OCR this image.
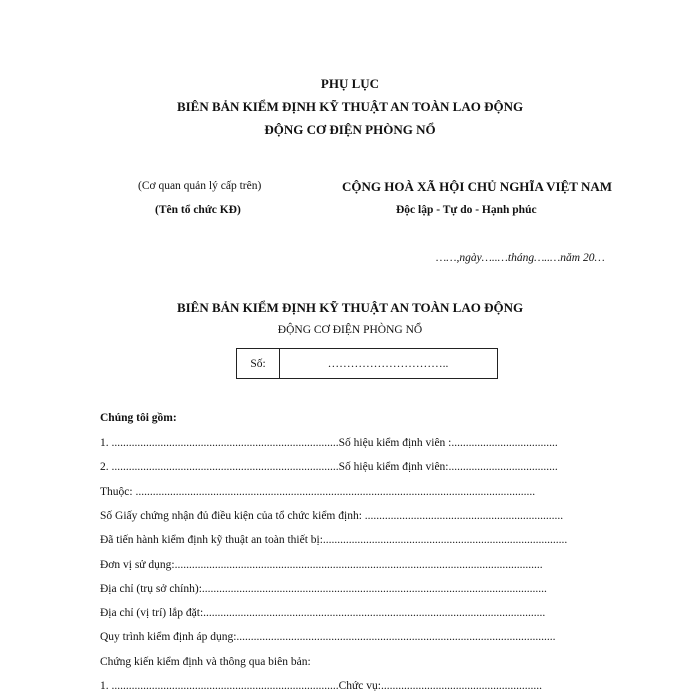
PHỤ LỤC
BIÊN BẢN KIỂM ĐỊNH KỸ THUẬT AN TOÀN LAO ĐỘNG
ĐỘNG CƠ ĐIỆN PHÒNG NỔ
(Cơ quan quản lý cấp trên)
(Tên tổ chức KĐ)
CỘNG HOÀ XÃ HỘI CHỦ NGHĨA VIỆT NAM
Độc lập - Tự do - Hạnh phúc
……,ngày…..…tháng…..…năm 20…
BIÊN BẢN KIỂM ĐỊNH KỸ THUẬT AN TOÀN LAO ĐỘNG
ĐỘNG CƠ ĐIỆN PHÒNG NỔ
Số:	…………………………..
Chúng tôi gồm:
1. ...............................................................................Số hiệu kiểm định viên :.....................................
2. ...............................................................................Số hiệu kiểm định viên:......................................
Thuộc: ...........................................................................................................................................
Số Giấy chứng nhận đủ điều kiện của tổ chức kiểm định: .....................................................................
Đã tiến hành kiểm định kỹ thuật an toàn thiết bị:.....................................................................................
Đơn vị sử dụng:................................................................................................................................
Địa chỉ (trụ sở chính):........................................................................................................................
Địa chỉ (vị trí) lắp đặt:.......................................................................................................................
Quy trình kiểm định áp dụng:...............................................................................................................
Chứng kiến kiểm định và thông qua biên bản:
1. ...............................................................................Chức vụ:........................................................
